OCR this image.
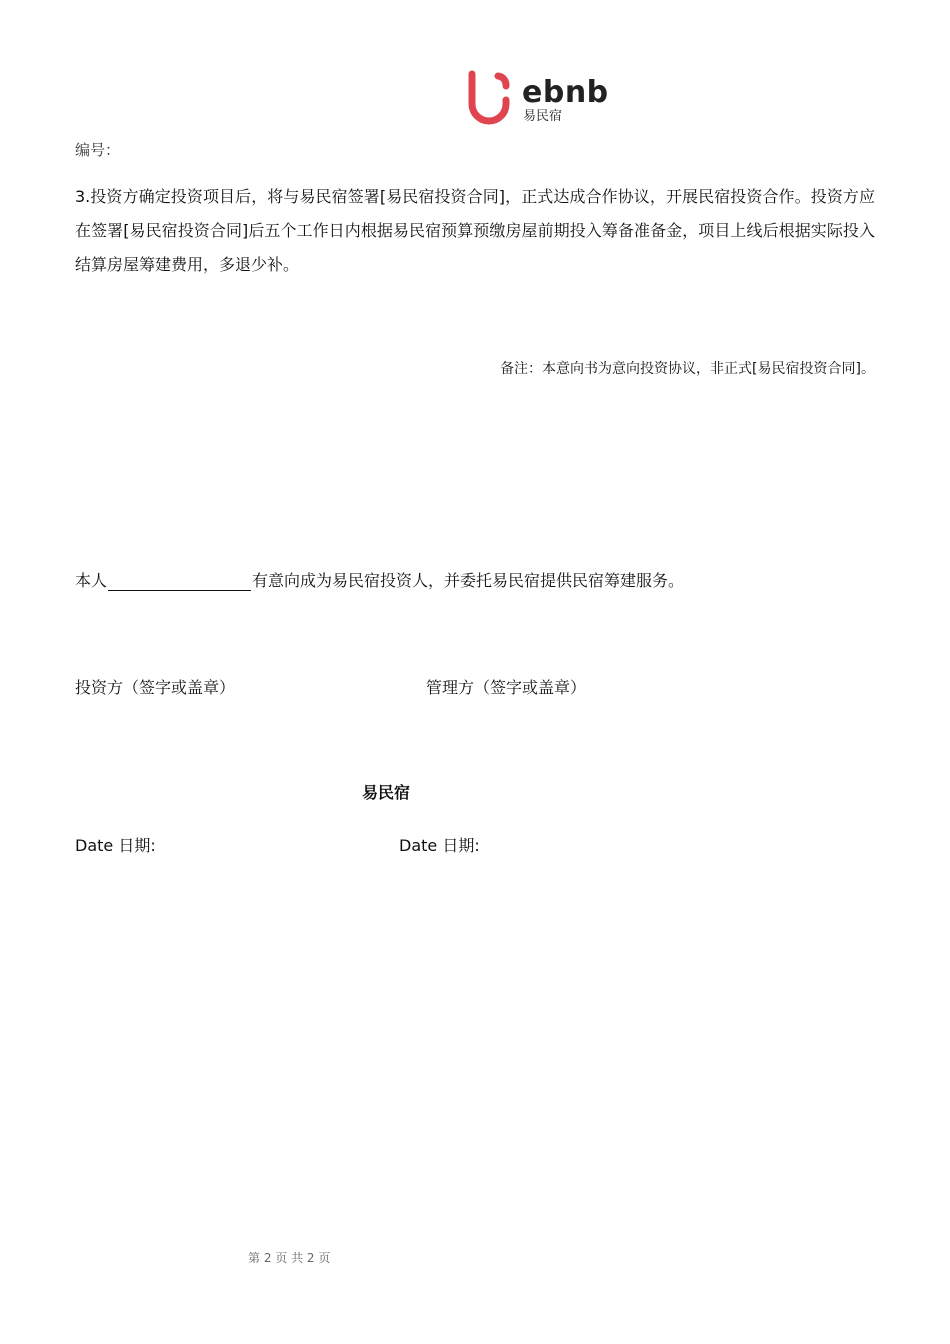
ebnb
易民宿
编号：
3.投资方确定投资项目后，将与易民宿签署[易民宿投资合同]，正式达成合作协议，开展民宿投资合作。投资方应在签署[易民宿投资合同]后五个工作日内根据易民宿预算预缴房屋前期投入筹备准备金，项目上线后根据实际投入结算房屋筹建费用，多退少补。
备注：本意向书为意向投资协议，非正式[易民宿投资合同]。
本人	有意向成为易民宿投资人，并委托易民宿提供民宿筹建服务。
投资方（签字或盖章）	管理方（签字或盖章）
易民宿
Date 日期:	Date 日期:
第 2 页 共 2 页
